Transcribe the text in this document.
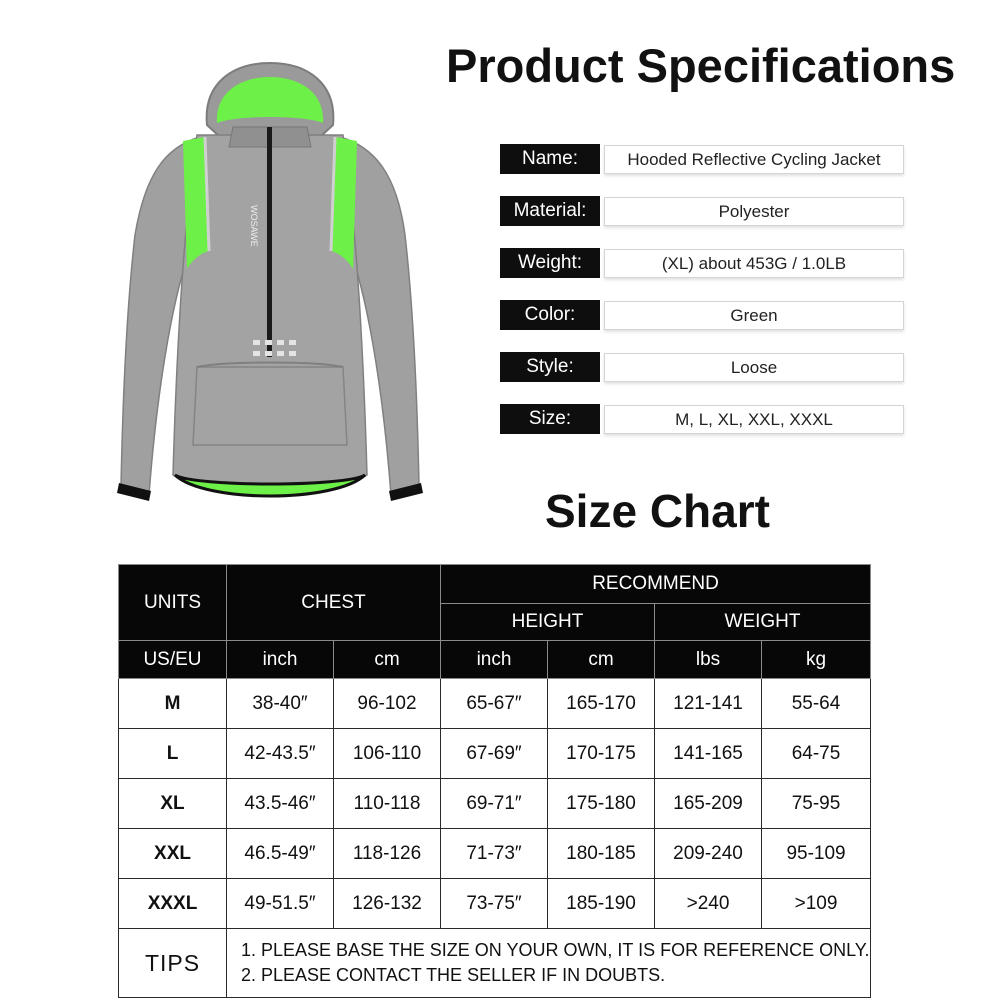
WOSAWE
Product Specifications
Name:	Hooded Reflective Cycling Jacket
Material:	Polyester
Weight:	(XL) about 453G / 1.0LB
Color:	Green
Style:	Loose
Size:	M, L, XL, XXL, XXXL
Size Chart
UNITS	CHEST		RECOMMEND			
			HEIGHT		WEIGHT	
US/EU	inch	cm	inch	cm	lbs	kg
M	38-40″	96-102	65-67″	165-170	121-141	55-64
L	42-43.5″	106-110	67-69″	170-175	141-165	64-75
XL	43.5-46″	110-118	69-71″	175-180	165-209	75-95
XXL	46.5-49″	118-126	71-73″	180-185	209-240	95-109
XXXL	49-51.5″	126-132	73-75″	185-190	>240	>109
TIPS	1. PLEASE BASE THE SIZE ON YOUR OWN, IT IS FOR REFERENCE ONLY.
2. PLEASE CONTACT THE SELLER IF IN DOUBTS.					
